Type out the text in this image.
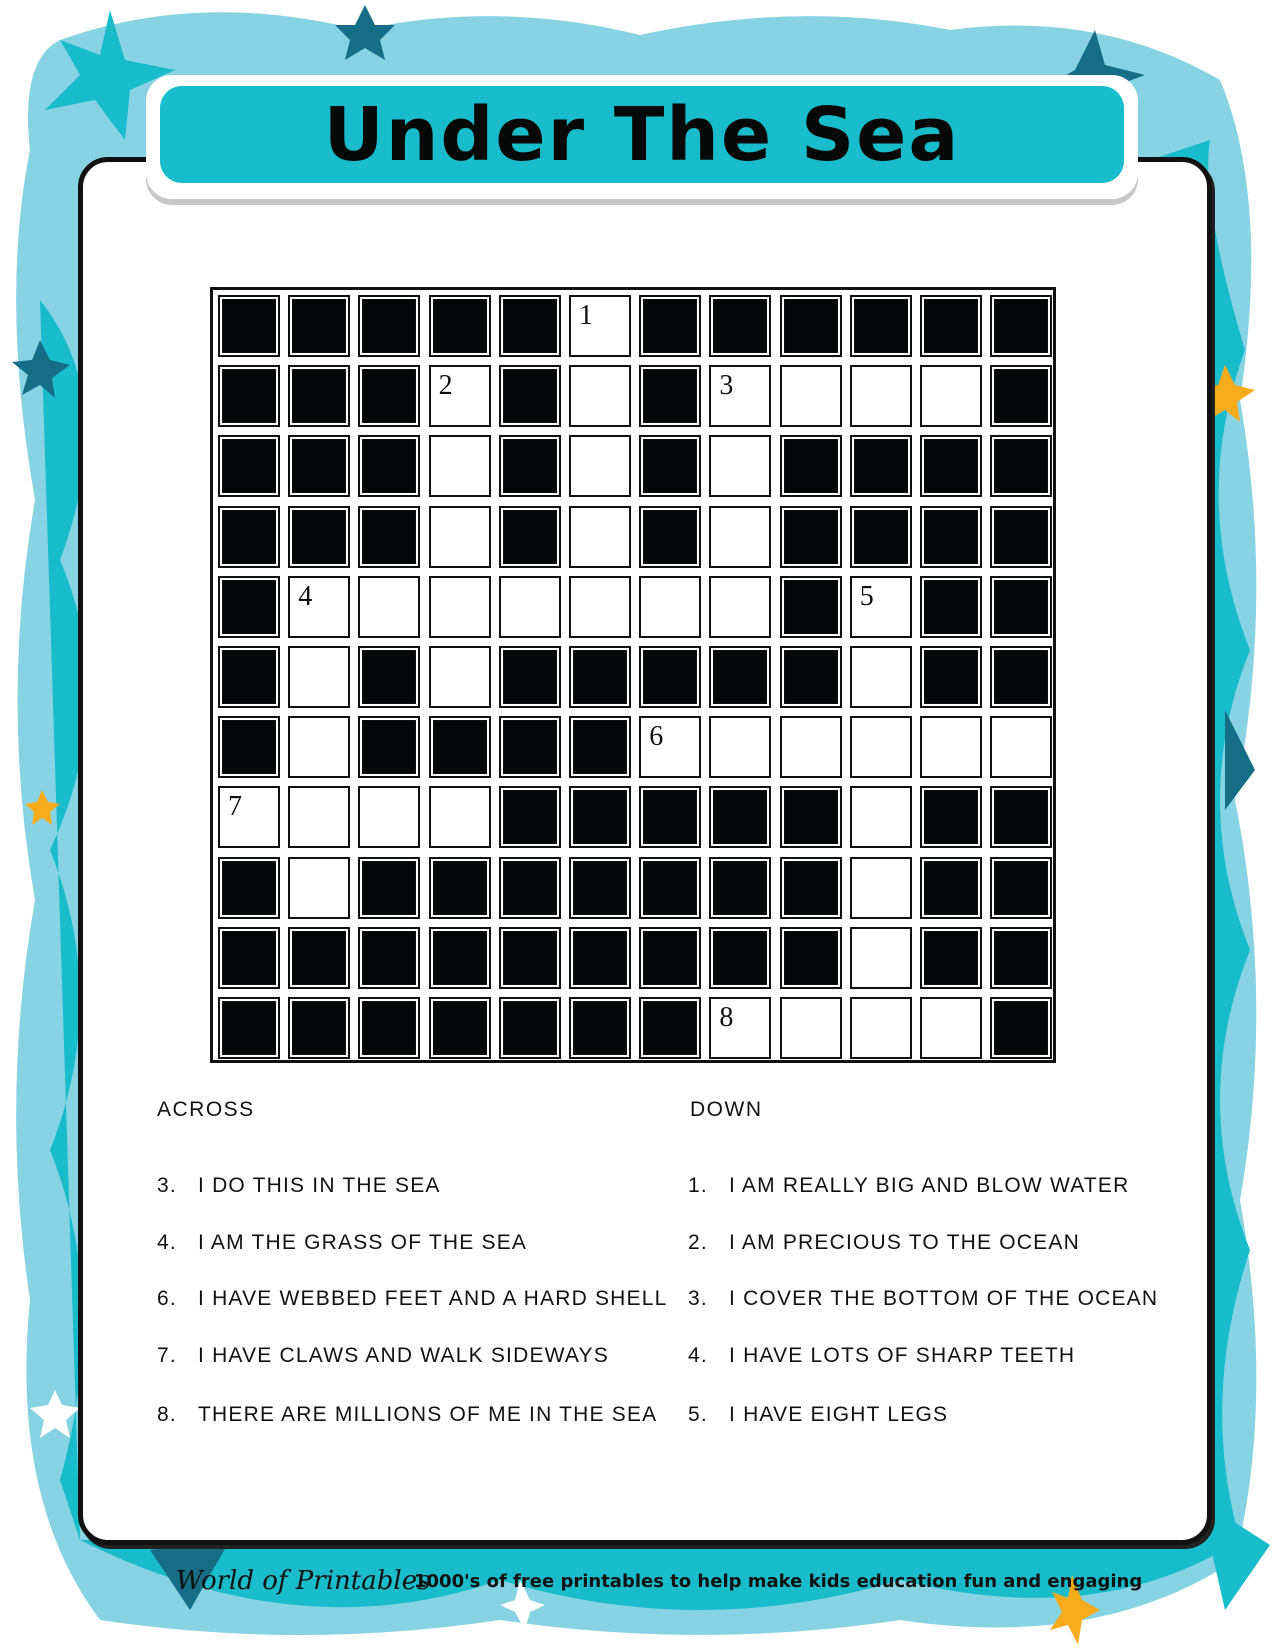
Under The Sea
1
2	3
4	5
6
7
8
ACROSS	DOWN
3. I DO THIS IN THE SEA
4. I AM THE GRASS OF THE SEA
6. I HAVE WEBBED FEET AND A HARD SHELL
7. I HAVE CLAWS AND WALK SIDEWAYS
8. THERE ARE MILLIONS OF ME IN THE SEA
1. I AM REALLY BIG AND BLOW WATER
2. I AM PRECIOUS TO THE OCEAN
3. I COVER THE BOTTOM OF THE OCEAN
4. I HAVE LOTS OF SHARP TEETH
5. I HAVE EIGHT LEGS
World of Printables
1000's of free printables to help make kids education fun and engaging
